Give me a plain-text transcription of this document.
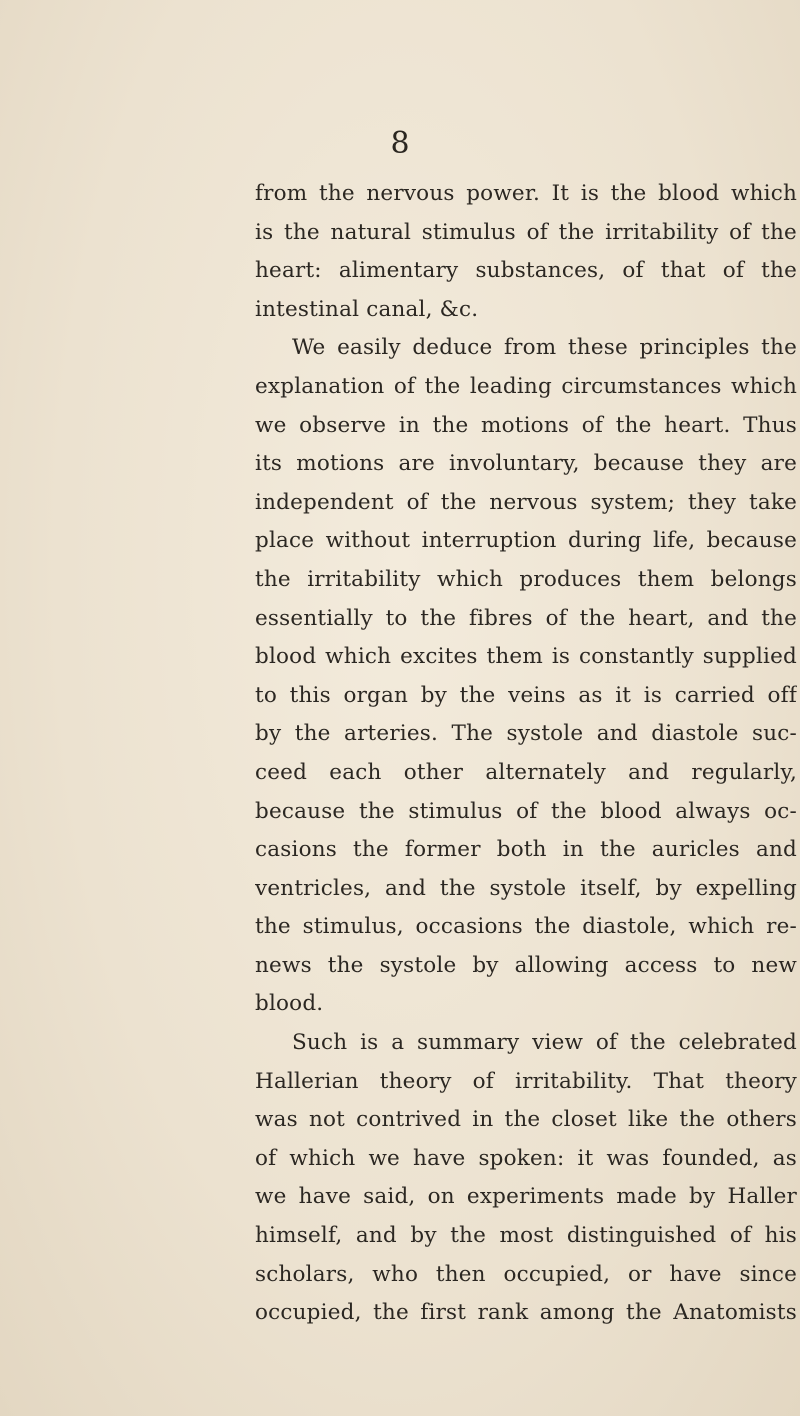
8
from the nervous power. It is the blood which
is the natural stimulus of the irritability of the
heart: alimentary substances, of that of the
intestinal canal, &c.
We easily deduce from these principles the
explanation of the leading circumstances which
we observe in the motions of the heart. Thus
its motions are involuntary, because they are
independent of the nervous system; they take
place without interruption during life, because
the irritability which produces them belongs
essentially to the fibres of the heart, and the
blood which excites them is constantly supplied
to this organ by the veins as it is carried off
by the arteries. The systole and diastole suc-
ceed each other alternately and regularly,
because the stimulus of the blood always oc-
casions the former both in the auricles and
ventricles, and the systole itself, by expelling
the stimulus, occasions the diastole, which re-
news the systole by allowing access to new
blood.
Such is a summary view of the celebrated
Hallerian theory of irritability. That theory
was not contrived in the closet like the others
of which we have spoken: it was founded, as
we have said, on experiments made by Haller
himself, and by the most distinguished of his
scholars, who then occupied, or have since
occupied, the first rank among the Anatomists
